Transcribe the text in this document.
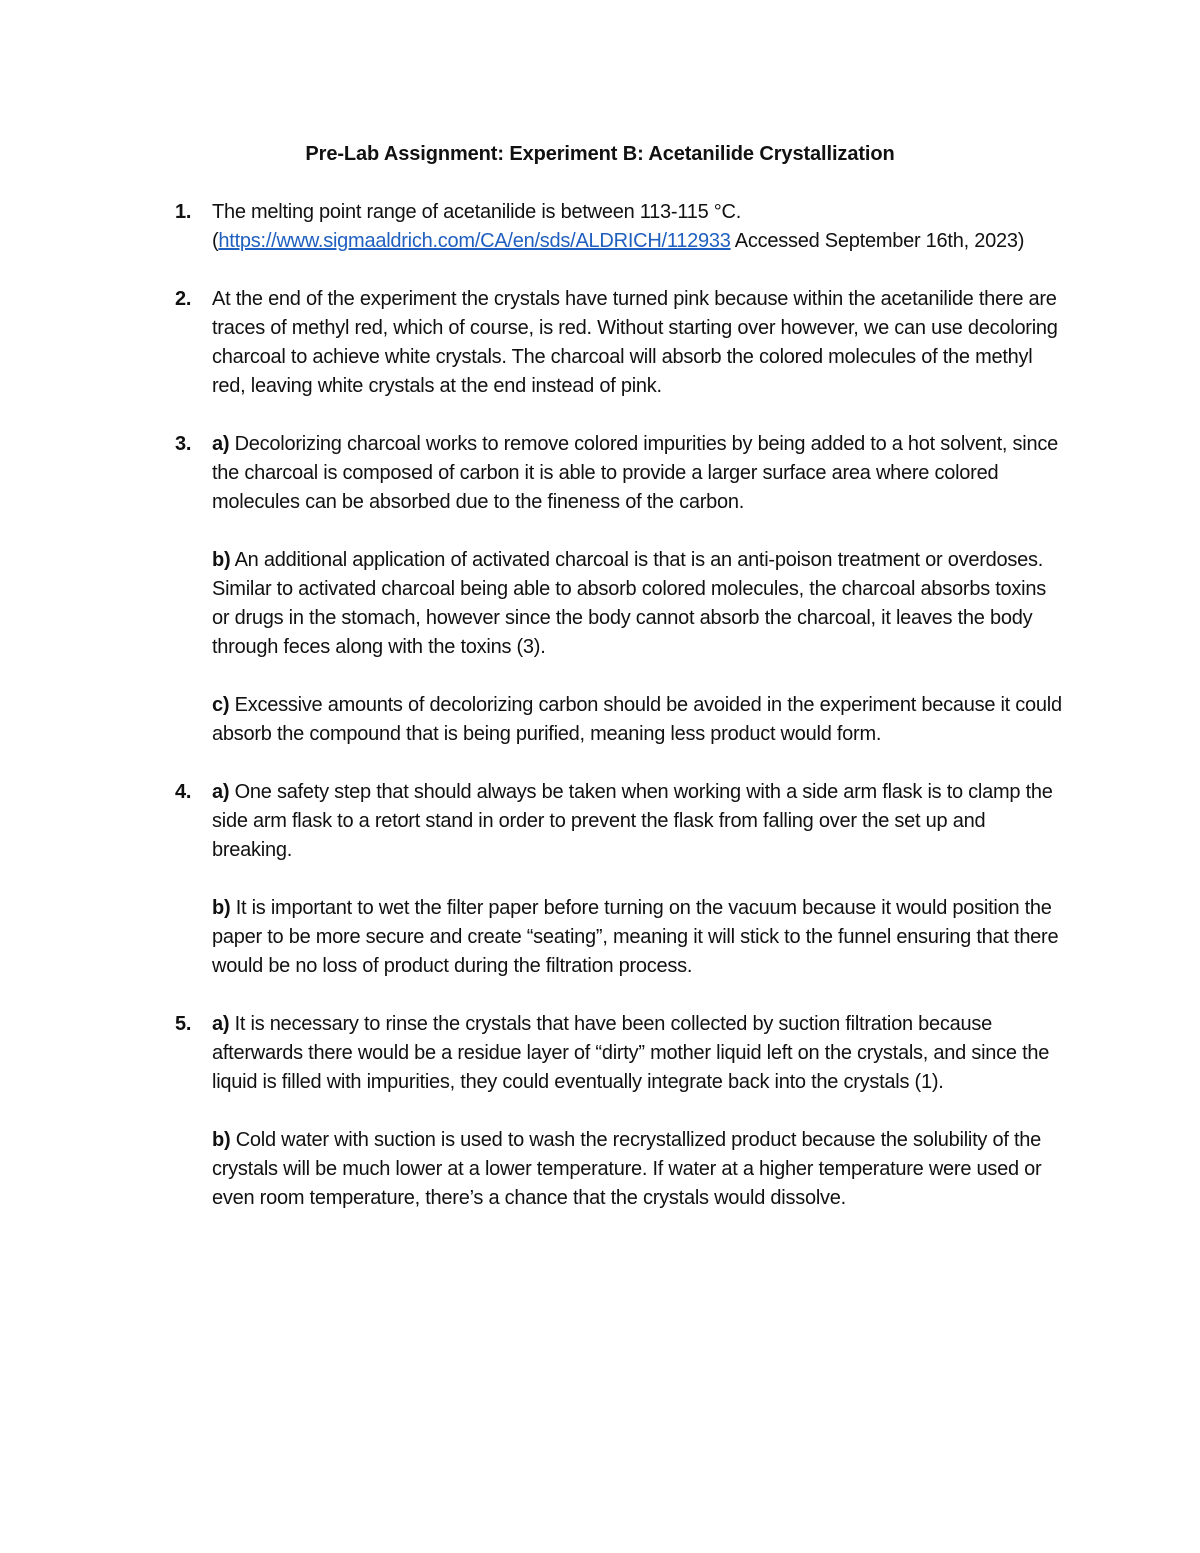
Pre-Lab Assignment: Experiment B: Acetanilide Crystallization
1. The melting point range of acetanilide is between 113-115 °C.
(https://www.sigmaaldrich.com/CA/en/sds/ALDRICH/112933 Accessed September 16th, 2023)
2. At the end of the experiment the crystals have turned pink because within the acetanilide there are traces of methyl red, which of course, is red. Without starting over however, we can use decoloring charcoal to achieve white crystals. The charcoal will absorb the colored molecules of the methyl red, leaving white crystals at the end instead of pink.
3. a) Decolorizing charcoal works to remove colored impurities by being added to a hot solvent, since the charcoal is composed of carbon it is able to provide a larger surface area where colored molecules can be absorbed due to the fineness of the carbon.

b) An additional application of activated charcoal is that is an anti-poison treatment or overdoses. Similar to activated charcoal being able to absorb colored molecules, the charcoal absorbs toxins or drugs in the stomach, however since the body cannot absorb the charcoal, it leaves the body through feces along with the toxins (3).

c) Excessive amounts of decolorizing carbon should be avoided in the experiment because it could absorb the compound that is being purified, meaning less product would form.

4. a) One safety step that should always be taken when working with a side arm flask is to clamp the side arm flask to a retort stand in order to prevent the flask from falling over the set up and breaking.

b) It is important to wet the filter paper before turning on the vacuum because it would position the paper to be more secure and create “seating”, meaning it will stick to the funnel ensuring that there would be no loss of product during the filtration process.

5. a) It is necessary to rinse the crystals that have been collected by suction filtration because afterwards there would be a residue layer of “dirty” mother liquid left on the crystals, and since the liquid is filled with impurities, they could eventually integrate back into the crystals (1).

b) Cold water with suction is used to wash the recrystallized product because the solubility of the crystals will be much lower at a lower temperature. If water at a higher temperature were used or even room temperature, there’s a chance that the crystals would dissolve.
